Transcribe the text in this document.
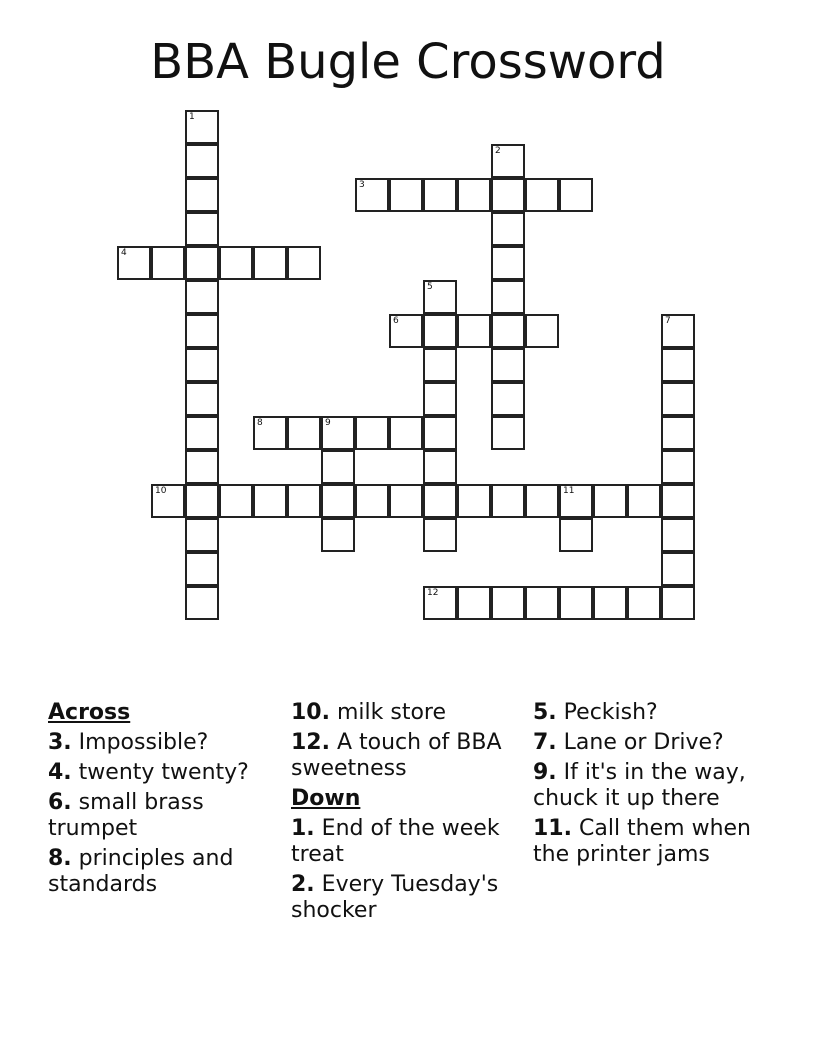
BBA Bugle Crossword
1
2
3
4
5
6	7
8	9
10	11
12
Across
3. Impossible?
4. twenty twenty?
6. small brass trumpet
8. principles and standards
10. milk store
12. A touch of BBA sweetness
Down
1. End of the week treat
2. Every Tuesday's shocker
5. Peckish?
7. Lane or Drive?
9. If it's in the way, chuck it up there
11. Call them when the printer jams
